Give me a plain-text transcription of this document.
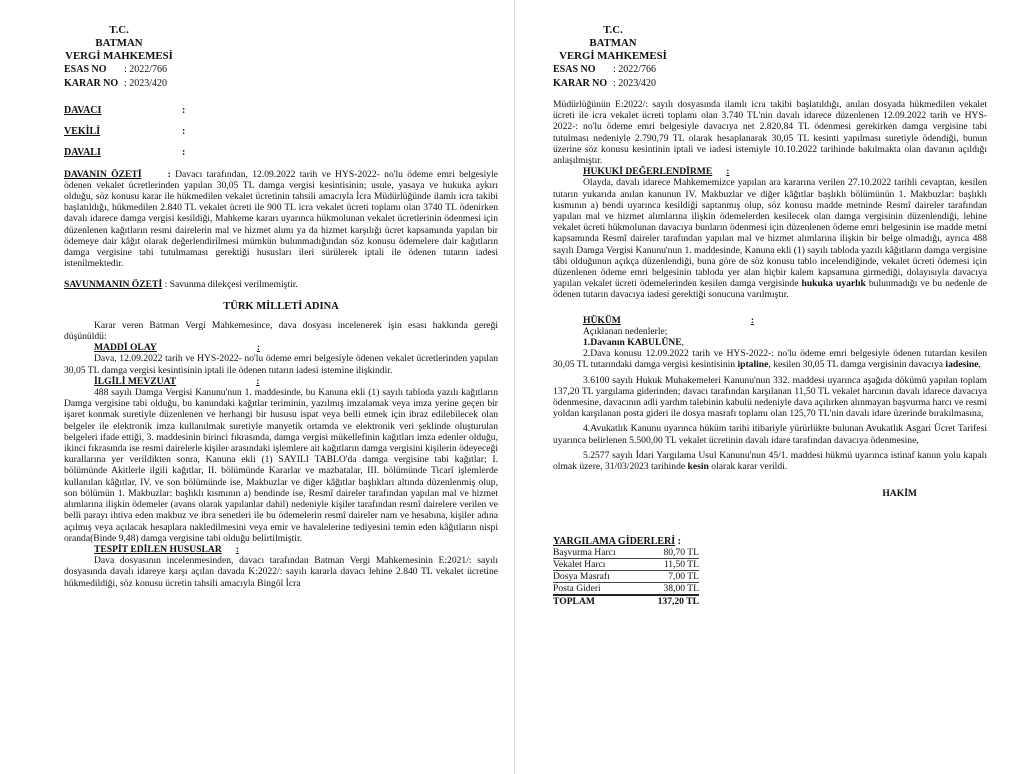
T.C.
BATMAN
VERGİ MAHKEMESİ
ESAS NO : 2022/766
KARAR NO : 2023/420

DAVACI	:

VEKİLİ	:

DAVALI	:

DAVANIN ÖZETİ	: Davacı tarafından, 12.09.2022 tarih ve HYS-2022- no'lu ödeme emri belgesiyle ödenen vekalet ücretlerinden yapılan 30,05 TL damga vergisi kesintisinin; usule, yasaya ve hukuka aykırı olduğu, söz konusu karar ile hükmedilen vekalet ücretinin tahsili amacıyla İcra Müdürlüğünde ilamlı icra takibi başlatıldığı, hükmedilen 2.840 TL vekalet ücreti ile 900 TL icra vekalet ücreti toplamı olan 3740 TL ödenirken davalı idarece damga vergisi kesildiği, Mahkeme kararı uyarınca hükmolunan vekalet ücretlerinin ödenmesi için düzenlenen kağıtların resmi dairelerin mal ve hizmet alımı ya da hizmet karşılığı ücret kapsamında yapılan bir ödemeye dair kâğıt olarak değerlendirilmesi mümkün bulunmadığından söz konusu ödemelere dair kağıtların damga vergisine tabi tutulmaması gerektiği hususları ileri sürülerek iptali ile ödenen tutarın iadesi istenilmektedir.

SAVUNMANIN ÖZETİ : Savunma dilekçesi verilmemiştir.

TÜRK MİLLETİ ADINA

Karar veren Batman Vergi Mahkemesince, dava dosyası incelenerek işin esası hakkında gereği düşünüldü:

MADDİ OLAY	:

Dava, 12.09.2022 tarih ve HYS-2022- no'lu ödeme emri belgesiyle ödenen vekalet ücretlerinden yapılan 30,05 TL damga vergisi kesintisinin iptali ile ödenen tutarın iadesi istemine ilişkindir.

İLGİLİ MEVZUAT	:

488 sayılı Damga Vergisi Kanunu'nun 1. maddesinde, bu Kanuna ekli (1) sayılı tabloda yazılı kağıtların Damga vergisine tabi olduğu, bu kanundaki kağıtlar teriminin, yazılmış imzalamak veya imza yerine geçen bir işaret konmak suretiyle düzenlenen ve herhangi bir hususu ispat veya belli etmek için ibraz edilebilecek olan belgeler ile elektronik imza kullanılmak suretiyle manyetik ortamda ve elektronik veri şeklinde oluşturulan belgeleri ifade ettiği, 3. maddesinin birinci fıkrasında, damga vergisi mükellefinin kağıtları imza edenler olduğu, ikinci fıkrasında ise resmi dairelerle kişiler arasındaki işlemlere ait kağıtların damga vergisini kişilerin ödeyeceği kurallarına yer verildikten sonra, Kanuna ekli (1) SAYILI TABLO'da damga vergisine tabi kağıtlar; I. bölümünde Akitlerle ilgili kağıtlar, II. bölümünde Kararlar ve mazbatalar, III. bölümünde Ticarî işlemlerde kullanılan kâğıtlar, IV. ve son bölümünde ise, Makbuzlar ve diğer kâğıtlar başlıkları altında düzenlenmiş olup, son bölümün 1. Makbuzlar: başlıklı kısmının a) bendinde ise, Resmî daireler tarafından yapılan mal ve hizmet alımlarına ilişkin ödemeler (avans olarak yapılanlar dahil) nedeniyle kişiler tarafından resmî dairelere verilen ve belli parayı ihtiva eden makbuz ve ibra senetleri ile bu ödemelerin resmî daireler nam ve hesabına, kişiler adına açılmış veya açılacak hesaplara nakledilmesini veya emir ve havalelerine tediyesini temin eden kâğıtların nispi oranda(Binde 9,48) damga vergisine tabi olduğu belirtilmiştir.

TESPİT EDİLEN HUSUSLAR :

Dava dosyasının incelenmesinden, davacı tarafından Batman Vergi Mahkemesinin E:2021/: sayılı dosyasında davalı idareye karşı açılan davada K:2022/: sayılı kararla davacı lehine 2.840 TL vekalet ücretine hükmedildiği, söz konusu ücretin tahsili amacıyla Bingöl İcra

T.C.
BATMAN
VERGİ MAHKEMESİ
ESAS NO : 2022/766
KARAR NO : 2023/420

Müdürlüğünün E:2022/: sayılı dosyasında ilamlı icra takibi başlatıldığı, anılan dosyada hükmedilen vekalet ücreti ile icra vekalet ücreti toplamı olan 3.740 TL'nin davalı idarece düzenlenen 12.09.2022 tarih ve HYS-2022-: no'lu ödeme emri belgesiyle davacıya net 2.820,84 TL ödenmesi gerekirken damga vergisine tabi tutulması nedeniyle 2.790,79 TL olarak hesaplanarak 30,05 TL kesinti yapılması suretiyle ödendiği, bunun üzerine söz konusu kesintinin iptali ve iadesi istemiyle 10.10.2022 tarihinde bakılmakta olan davanın açıldığı anlaşılmıştır.

HUKUKİ DEĞERLENDİRME :

Olayda, davalı idarece Mahkememizce yapılan ara kararına verilen 27.10.2022 tarihli cevaptan, kesilen tutarın yukarıda anılan kanunun IV. Makbuzlar ve diğer kâğıtlar başlıklı bölümünün 1. Makbuzlar: başlıklı kısmının a) bendi uyarınca kesildiği saptanmış olup, söz konusu madde metninde Resmî daireler tarafından yapılan mal ve hizmet alımlarına ilişkin ödemelerden kesilecek olan damga vergisinin düzenlendiği, lehine vekalet ücreti hükmolunan davacıya bunların ödenmesi için düzenlenen ödeme emri belgesinin ise madde metni kapsamında Resmî daireler tarafından yapılan mal ve hizmet alımlarına ilişkin bir belge olmadığı, ayrıca 488 sayılı Damga Vergisi Kanunu'nun 1. maddesinde, Kanuna ekli (1) sayılı tabloda yazılı kâğıtların damga vergisine tâbi olduğunun açıkça düzenlendiği, buna göre de söz konusu tablo incelendiğinde, vekalet ücreti ödemesi için düzenlenen ödeme emri belgesinin tabloda yer alan hiçbir kalem kapsamına girmediği, dolayısıyla davacıya yapılan vekalet ücreti ödemelerinden kesilen damga vergisinde hukuka uyarlık bulunmadığı ve bu nedenle de ödenen tutarın davacıya iadesi gerektiği sonucuna varılmıştır.

HÜKÜM	:

Açıklanan nedenlerle;

1.Davanın KABULÜNE,

2.Dava konusu 12.09.2022 tarih ve HYS-2022-: no'lu ödeme emri belgesiyle ödenen tutardan kesilen 30,05 TL tutarındaki damga vergisi kesintisinin iptaline, kesilen 30,05 TL damga vergisinin davacıya iadesine,

3.6100 sayılı Hukuk Muhakemeleri Kanunu'nun 332. maddesi uyarınca aşağıda dökümü yapılan toplam 137,20 TL yargılama giderinden; davacı tarafından karşılanan 11,50 TL vekalet harcının davalı idarece davacıya ödenmesine, davacının adli yardım talebinin kabulü nedeniyle dava açılırken alınmayan başvurma harcı ve resmi yoldan karşılanan posta gideri ile dosya masrafı toplamı olan 125,70 TL'nin davalı idare üzerinde bırakılmasına,

4.Avukatlık Kanunu uyarınca hüküm tarihi itibariyle yürürlükte bulunan Avukatlık Asgari Ücret Tarifesi uyarınca belirlenen 5.500,00 TL vekalet ücretinin davalı idare tarafından davacıya ödenmesine,

5.2577 sayılı İdari Yargılama Usul Kanunu'nun 45/1. maddesi hükmü uyarınca istinaf kanun yolu kapalı olmak üzere, 31/03/2023 tarihinde kesin olarak karar verildi.

HAKİM
YARGILAMA GİDERLERİ :
Başvurma Harcı	80,70 TL
Vekalet Harcı	11,50 TL
Dosya Masrafı	7,00 TL
Posta Gideri	38,00 TL
TOPLAM	137,20 TL
